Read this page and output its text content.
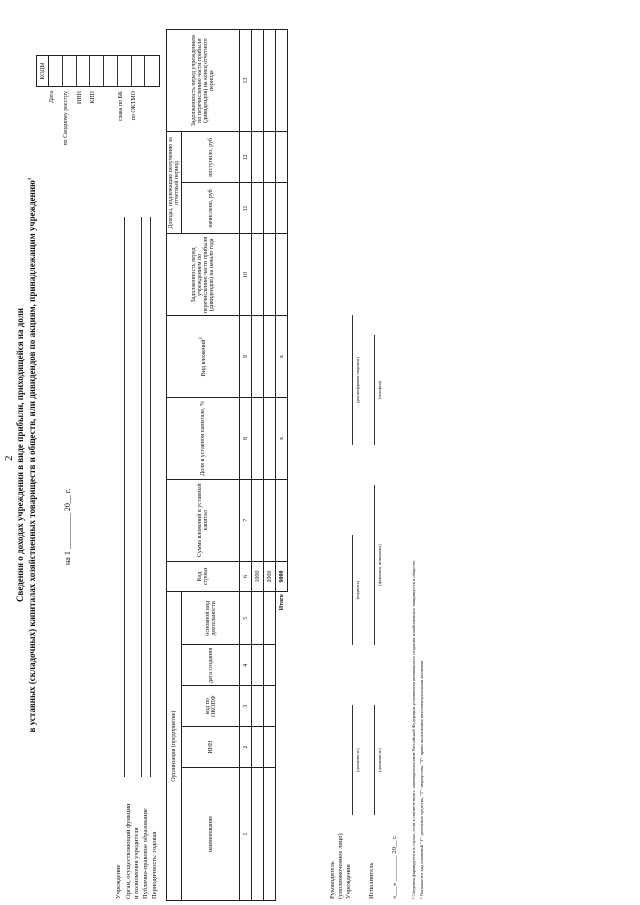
2 Сведения о доходах учреждения в виде прибыли, приходящейся на доли в уставных (складочных) капиталах хозяйственных товариществ и обществ, или дивидендов по акциям, принадлежащим учреждению$^1$
на 1 _________ 20__ г.
КОДЫ
Дата по Сводному реестру ИНН КПП	глава по БК по ОКТМО
Учреждение Орган, осуществляющий функции и полномочия учредителя Публично-правовое образование Периодичность: годовая
Организация (предприятие)					Код строки	Сумма вложений в уставный капитал	Доля в уставном капитале, %	Вид вложений$^2$	Задолженность перед учреждением по перечислению части прибыли (дивидендов) на начало года	Доходы, подлежащие получению за отчетный период		Задолженность перед учреждением по перечислению части прибыли (дивидендов) на конец отчетного периода
наименование	ИНН	код по ОКОПФ	дата создания	основной вид деятельности						начислено, руб	поступило, руб	
1	2	3	4	5	6	7	8	9	10	11	12	13
					1000							
					2000							
Итого					9000		x	x				
Руководитель (уполномоченное лицо) Учреждения
(должность)
(подпись)
(расшифровка подписи)
Исполнитель
(должность)
(фамилия, инициалы)
(телефон)
«___» ________ 20__ г.	¹ Сведения формируются в случае, если в соответствии с законодательством Российской Федерации установлена возможность создания хозяйственных товариществ и обществ. ² Указывается вид вложений "1"- денежные средства, "2"- имущество, "3"- право пользования интеллектуальными активами.
